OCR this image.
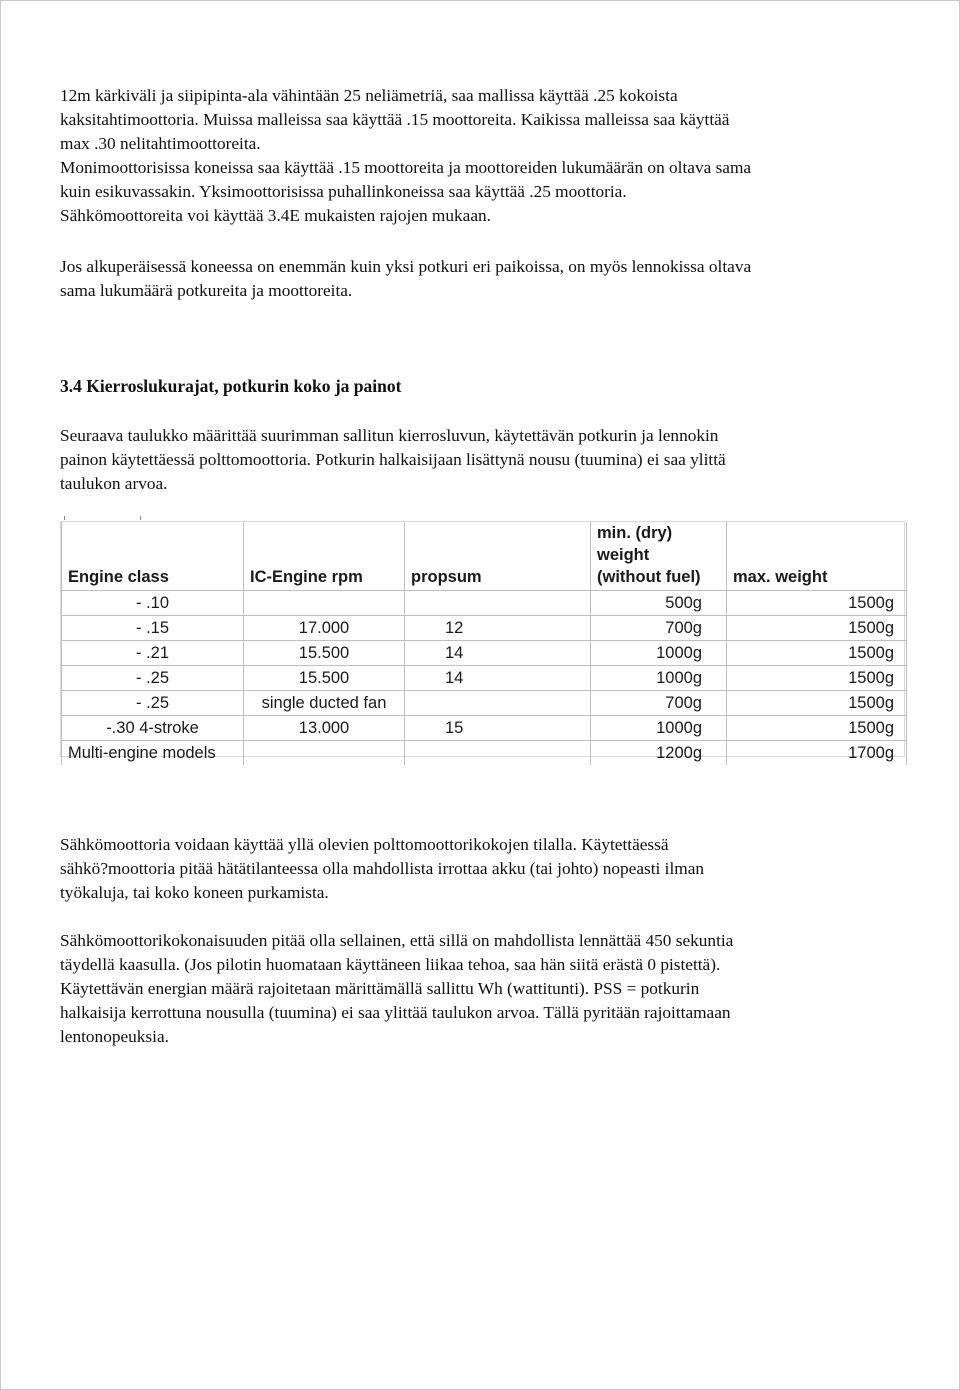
12m kärkiväli ja siipipinta-ala vähintään 25 neliämetriä, saa mallissa käyttää .25 kokoista
kaksitahtimoottoria. Muissa malleissa saa käyttää .15 moottoreita. Kaikissa malleissa saa käyttää
max .30 nelitahtimoottoreita.
Monimoottorisissa koneissa saa käyttää .15 moottoreita ja moottoreiden lukumäärän on oltava sama
kuin esikuvassakin. Yksimoottorisissa puhallinkoneissa saa käyttää .25 moottoria.
Sähkömoottoreita voi käyttää 3.4E mukaisten rajojen mukaan.

Jos alkuperäisessä koneessa on enemmän kuin yksi potkuri eri paikoissa, on myös lennokissa oltava
sama lukumäärä potkureita ja moottoreita.

3.4 Kierroslukurajat, potkurin koko ja painot

Seuraava taulukko määrittää suurimman sallitun kierrosluvun, käytettävän potkurin ja lennokin
painon käytettäessä polttomoottoria. Potkurin halkaisijaan lisättynä nousu (tuumina) ei saa ylittä
taulukon arvoa.

Engine class	IC-Engine rpm	propsum	min. (dry)
weight
(without fuel)	max. weight
- .10			500g	1500g
- .15	17.000	12	700g	1500g
- .21	15.500	14	1000g	1500g
- .25	15.500	14	1000g	1500g
- .25	single ducted fan		700g	1500g
-.30 4-stroke	13.000	15	1000g	1500g
Multi-engine models			1200g	1700g

Sähkömoottoria voidaan käyttää yllä olevien polttomoottorikokojen tilalla. Käytettäessä
sähkö?moottoria pitää hätätilanteessa olla mahdollista irrottaa akku (tai johto) nopeasti ilman
työkaluja, tai koko koneen purkamista.

Sähkömoottorikokonaisuuden pitää olla sellainen, että sillä on mahdollista lennättää 450 sekuntia
täydellä kaasulla. (Jos pilotin huomataan käyttäneen liikaa tehoa, saa hän siitä erästä 0 pistettä).
Käytettävän energian määrä rajoitetaan märittämällä sallittu Wh (wattitunti). PSS = potkurin
halkaisija kerrottuna nousulla (tuumina) ei saa ylittää taulukon arvoa. Tällä pyritään rajoittamaan
lentonopeuksia.
